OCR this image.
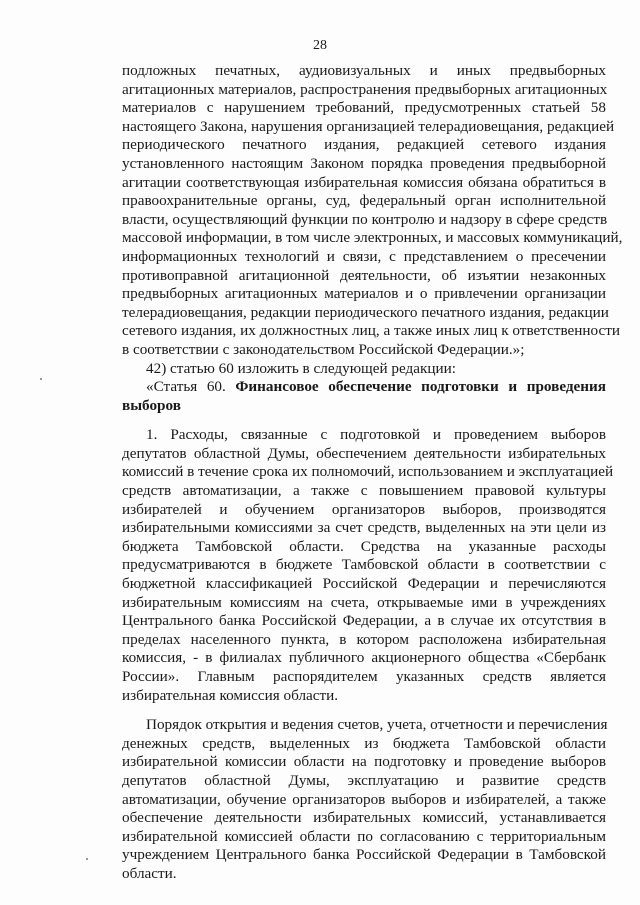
28
подложных печатных, аудиовизуальных и иных предвыборных
агитационных материалов, распространения предвыборных агитационных
материалов с нарушением требований, предусмотренных статьей 58
настоящего Закона, нарушения организацией телерадиовещания, редакцией
периодического печатного издания, редакцией сетевого издания
установленного настоящим Законом порядка проведения предвыборной
агитации соответствующая избирательная комиссия обязана обратиться в
правоохранительные органы, суд, федеральный орган исполнительной
власти, осуществляющий функции по контролю и надзору в сфере средств
массовой информации, в том числе электронных, и массовых коммуникаций,
информационных технологий и связи, с представлением о пресечении
противоправной агитационной деятельности, об изъятии незаконных
предвыборных агитационных материалов и о привлечении организации
телерадиовещания, редакции периодического печатного издания, редакции
сетевого издания, их должностных лиц, а также иных лиц к ответственности
в соответствии с законодательством Российской Федерации.»;
42) статью 60 изложить в следующей редакции:
«Статья 60. Финансовое обеспечение подготовки и проведения
выборов
1. Расходы, связанные с подготовкой и проведением выборов
депутатов областной Думы, обеспечением деятельности избирательных
комиссий в течение срока их полномочий, использованием и эксплуатацией
средств автоматизации, а также с повышением правовой культуры
избирателей и обучением организаторов выборов, производятся
избирательными комиссиями за счет средств, выделенных на эти цели из
бюджета Тамбовской области. Средства на указанные расходы
предусматриваются в бюджете Тамбовской области в соответствии с
бюджетной классификацией Российской Федерации и перечисляются
избирательным комиссиям на счета, открываемые ими в учреждениях
Центрального банка Российской Федерации, а в случае их отсутствия в
пределах населенного пункта, в котором расположена избирательная
комиссия, - в филиалах публичного акционерного общества «Сбербанк
России». Главным распорядителем указанных средств является
избирательная комиссия области.
Порядок открытия и ведения счетов, учета, отчетности и перечисления
денежных средств, выделенных из бюджета Тамбовской области
избирательной комиссии области на подготовку и проведение выборов
депутатов областной Думы, эксплуатацию и развитие средств
автоматизации, обучение организаторов выборов и избирателей, а также
обеспечение деятельности избирательных комиссий, устанавливается
избирательной комиссией области по согласованию с территориальным
учреждением Центрального банка Российской Федерации в Тамбовской
области.
